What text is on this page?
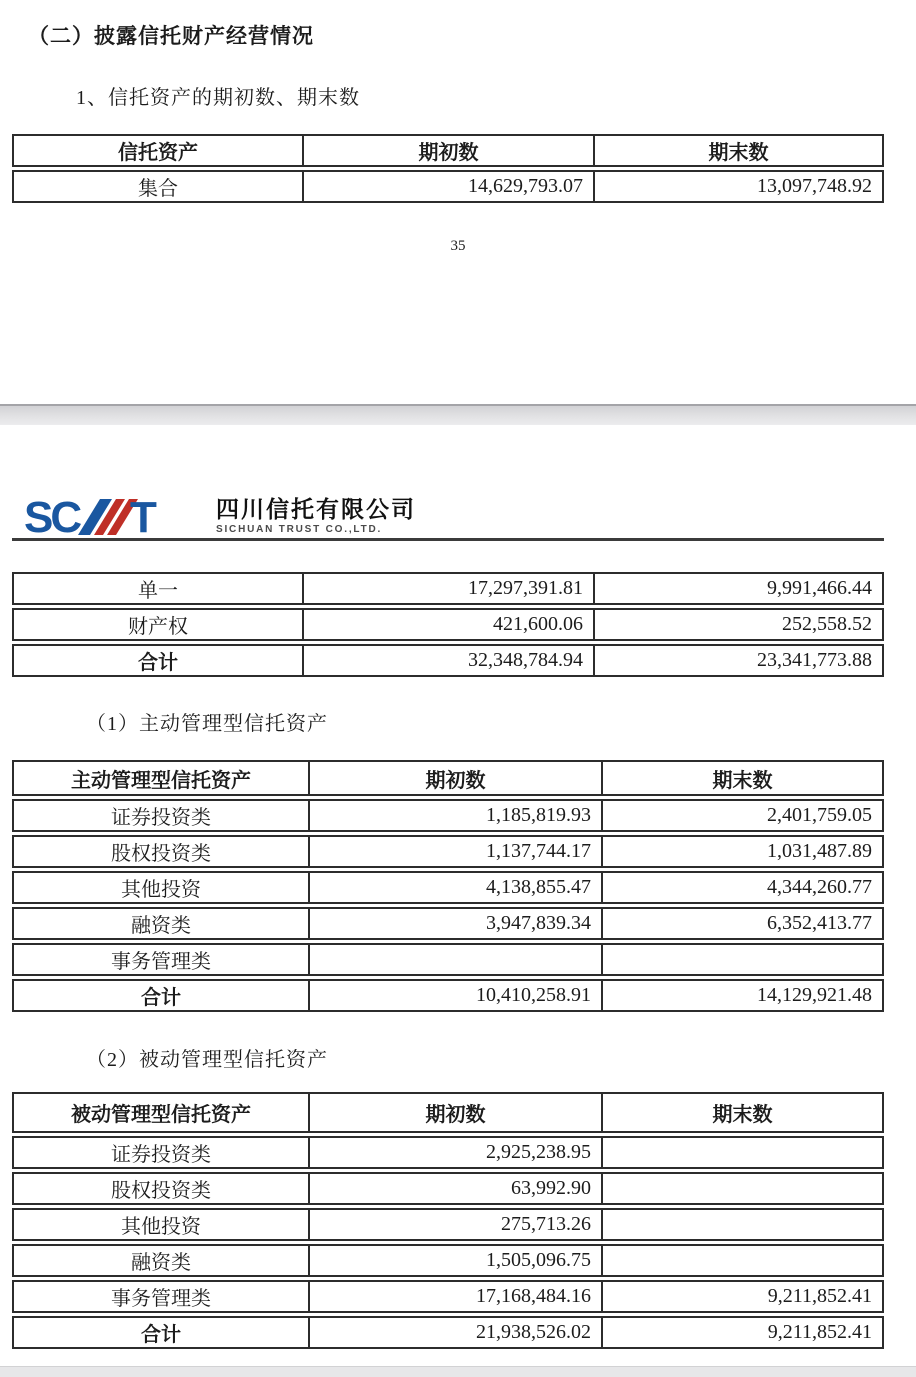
（二）披露信托财产经营情况
1、信托资产的期初数、期末数
信托资产	期初数	期末数
集合	14,629,793.07	13,097,748.92
35
SC T	四川信托有限公司
SICHUAN TRUST CO.,LTD.
单一	17,297,391.81	9,991,466.44
财产权	421,600.06	252,558.52
合计	32,348,784.94	23,341,773.88
（1）主动管理型信托资产
主动管理型信托资产	期初数	期末数
证券投资类	1,185,819.93	2,401,759.05
股权投资类	1,137,744.17	1,031,487.89
其他投资	4,138,855.47	4,344,260.77
融资类	3,947,839.34	6,352,413.77
事务管理类		
合计	10,410,258.91	14,129,921.48
（2）被动管理型信托资产
被动管理型信托资产	期初数	期末数
证券投资类	2,925,238.95	
股权投资类	63,992.90	
其他投资	275,713.26	
融资类	1,505,096.75	
事务管理类	17,168,484.16	9,211,852.41
合计	21,938,526.02	9,211,852.41
